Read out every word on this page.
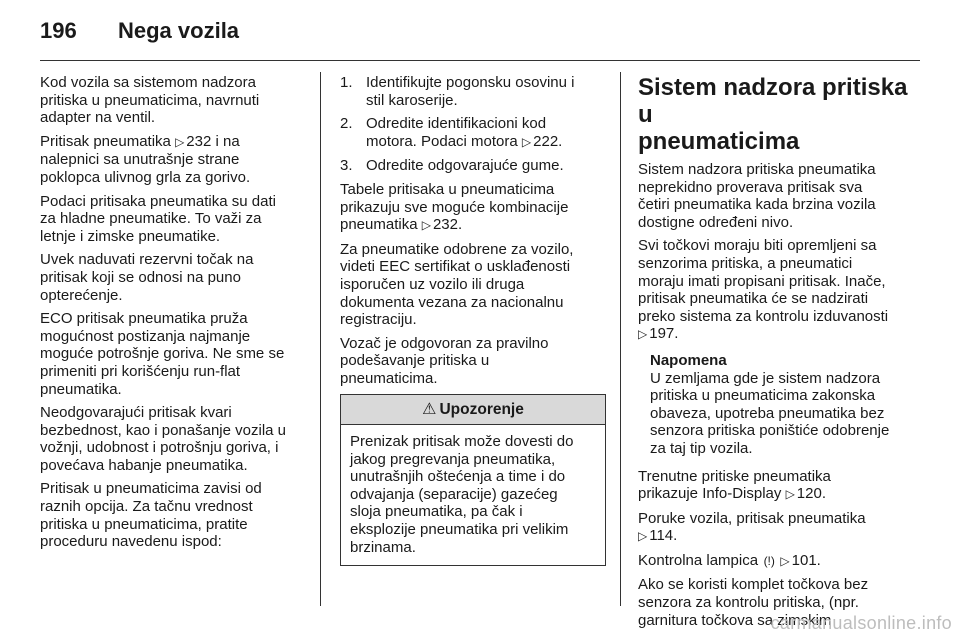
196	Nega vozila

Kod vozila sa sistemom nadzora
pritiska u pneumaticima, navrnuti
adapter na ventil.

Pritisak pneumatika ▷ 232 i na
nalepnici sa unutrašnje strane
poklopca ulivnog grla za gorivo.

Podaci pritisaka pneumatika su dati
za hladne pneumatike. To važi za
letnje i zimske pneumatike.

Uvek naduvati rezervni točak na
pritisak koji se odnosi na puno
opterećenje.

ECO pritisak pneumatika pruža
mogućnost postizanja najmanje
moguće potrošnje goriva. Ne sme se
primeniti pri korišćenju run-flat
pneumatika.

Neodgovarajući pritisak kvari
bezbednost, kao i ponašanje vozila u
vožnji, udobnost i potrošnju goriva, i
povećava habanje pneumatika.

Pritisak u pneumaticima zavisi od
raznih opcija. Za tačnu vrednost
pritiska u pneumaticima, pratite
proceduru navedenu ispod:

1. Identifikujte pogonsku osovinu i
stil karoserije.
2. Odredite identifikacioni kod
motora. Podaci motora ▷ 222.
3. Odredite odgovarajuće gume.

Tabele pritisaka u pneumaticima
prikazuju sve moguće kombinacije
pneumatika ▷ 232.

Za pneumatike odobrene za vozilo,
videti EEC sertifikat o usklađenosti
isporučen uz vozilo ili druga
dokumenta vezana za nacionalnu
registraciju.

Vozač je odgovoran za pravilno
podešavanje pritiska u
pneumaticima.

⚠ Upozorenje
Prenizak pritisak može dovesti do
jakog pregrevanja pneumatika,
unutrašnjih oštećenja a time i do
odvajanja (separacije) gazećeg
sloja pneumatika, pa čak i
eksplozije pneumatika pri velikim
brzinama.
Sistem nadzora pritiska u
pneumaticima

Sistem nadzora pritiska pneumatika
neprekidno proverava pritisak sva
četiri pneumatika kada brzina vozila
dostigne određeni nivo.

Svi točkovi moraju biti opremljeni sa
senzorima pritiska, a pneumatici
moraju imati propisani pritisak. Inače,
pritisak pneumatika će se nadzirati
preko sistema za kontrolu izduvanosti
▷ 197.

Napomena
U zemljama gde je sistem nadzora
pritiska u pneumaticima zakonska
obaveza, upotreba pneumatika bez
senzora pritiska poništiće odobrenje
za taj tip vozila.

Trenutne pritiske pneumatika
prikazuje Info-Display ▷ 120.

Poruke vozila, pritisak pneumatika
▷ 114.

Kontrolna lampica (!) ▷ 101.

Ako se koristi komplet točkova bez
senzora za kontrolu pritiska, (npr.
garnitura točkova sa zimskim

carmanualsonline.info
